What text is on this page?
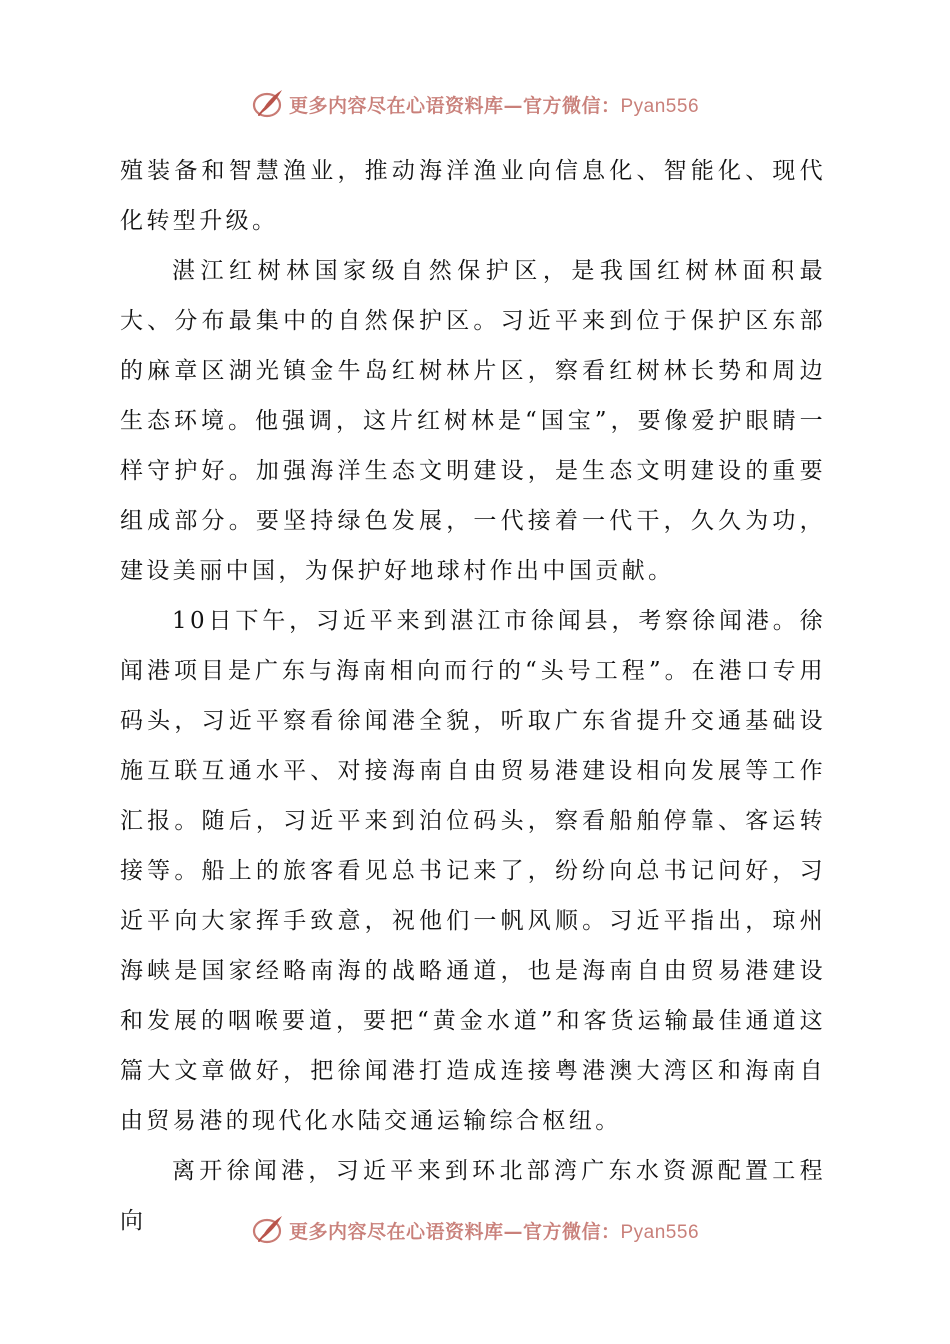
更多内容尽在心语资料库—官方微信：Pyan556

殖装备和智慧渔业，推动海洋渔业向信息化、智能化、现代化转型升级。

湛江红树林国家级自然保护区，是我国红树林面积最大、分布最集中的自然保护区。习近平来到位于保护区东部的麻章区湖光镇金牛岛红树林片区，察看红树林长势和周边生态环境。他强调，这片红树林是“国宝”，要像爱护眼睛一样守护好。加强海洋生态文明建设，是生态文明建设的重要组成部分。要坚持绿色发展，一代接着一代干，久久为功，建设美丽中国，为保护好地球村作出中国贡献。

10日下午，习近平来到湛江市徐闻县，考察徐闻港。徐闻港项目是广东与海南相向而行的“头号工程”。在港口专用码头，习近平察看徐闻港全貌，听取广东省提升交通基础设施互联互通水平、对接海南自由贸易港建设相向发展等工作汇报。随后，习近平来到泊位码头，察看船舶停靠、客运转接等。船上的旅客看见总书记来了，纷纷向总书记问好，习近平向大家挥手致意，祝他们一帆风顺。习近平指出，琼州海峡是国家经略南海的战略通道，也是海南自由贸易港建设和发展的咽喉要道，要把“黄金水道”和客货运输最佳通道这篇大文章做好，把徐闻港打造成连接粤港澳大湾区和海南自由贸易港的现代化水陆交通运输综合枢纽。

离开徐闻港，习近平来到环北部湾广东水资源配置工程向	更多内容尽在心语资料库—官方微信：Pyan556
